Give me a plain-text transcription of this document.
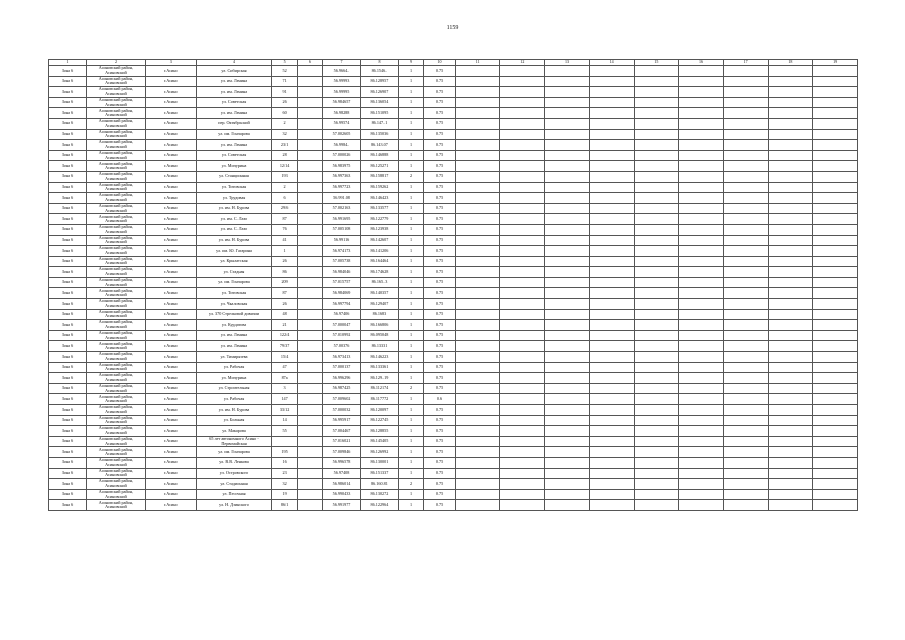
1159
1	2	3	4	5	6	7	8	9	10	11	12	13	14	15	16	17	18	19
Зона 6	Асиновский район, Асиновский	г.Асино	ул. Сибирская	52		56.9664..	86.1546..	1	0.75									
Зона 6	Асиновский район, Асиновский	г.Асино	ул. им. Ленина	71		56.99993	86.128957	1	0.75									
Зона 6	Асиновский район, Асиновский	г.Асино	ул. им. Ленина	91		56.99995	86.126907	1	0.75									
Зона 6	Асиновский район, Асиновский	г.Асино	ул. Советская	26		56.984657	86.136054	1	0.75									
Зона 6	Асиновский район, Асиновский	г.Асино	ул. им. Ленина	60		56.98288	86.151095	1	0.75									
Зона 6	Асиновский район, Асиновский	г.Асино	пер. Октябрьский	2		56.99574	86.147..1	1	0.75									
Зона 6	Асиновский район, Асиновский	г.Асино	ул. им. Гончарова	32		57.002605	86.135036	1	0.75									
Зона 6	Асиновский район, Асиновский	г.Асино	ул. им. Ленина	23/1		56.9984..	86.143.07	1	0.75									
Зона 6	Асиновский район, Асиновский	г.Асино	ул. Советская	28		57.000026	86.146888	1	0.75									
Зона 6	Асиновский район, Асиновский	г.Асино	ул. Мичурина	12/14		56.983975	86.125271	1	0.75									
Зона 6	Асиновский район, Асиновский	г.Асино	ул. Станционная	193		56.997363	86.158817	2	0.75									
Зона 6	Асиновский район, Асиновский	г.Асино	ул. Титовская	2		56.997723	86.159262	1	0.75									
Зона 6	Асиновский район, Асиновский	г.Асино	ул. Трудовая	6		56.991.08	86.146423	1	0.75									
Зона 6	Асиновский район, Асиновский	г.Асино	ул. им. Н. Бурова	29/6		57.002163	86.133577	1	0.75									
Зона 6	Асиновский район, Асиновский	г.Асино	ул. им. С. Лазо	87		56.991695	86.122779	1	0.75									
Зона 6	Асиновский район, Асиновский	г.Асино	ул. им. С. Лазо	76		57.005108	86.123938	1	0.75									
Зона 6	Асиновский район, Асиновский	г.Асино	ул. им. Н. Бурова	41		56.99116	86.142607	1	0.75									
Зона 6	Асиновский район, Асиновский	г.Асино	ул. им. Ю. Гагарина	1		56.974173	86.141206	1	0.75									
Зона 6	Асиновский район, Асиновский	г.Асино	ул. Крылатская	26		57.005738	86.164464	1	0.75									
Зона 6	Асиновский район, Асиновский	г.Асино	ул. Стадная	86		56.984046	86.174628	1	0.75									
Зона 6	Асиновский район, Асиновский	г.Асино	ул. им. Гончарова	209		57.015757	86.165..3	1	0.75									
Зона 6	Асиновский район, Асиновский	г.Асино	ул. Титовская	87		56.984069	86.140357	1	0.75									
Зона 6	Асиновский район, Асиновский	г.Асино	ул. Чкаловская	26		56.997794	86.129407	1	0.75									
Зона 6	Асиновский район, Асиновский	г.Асино	ул. 370 Стрелковой дивизии	48		56.97406	86.1683	1	0.75									
Зона 6	Асиновский район, Асиновский	г.Асино	ул. Курдатова	21		57.000047	86.166806	1	0.75									
Зона 6	Асиновский район, Асиновский	г.Асино	ул. им. Ленина	122/4		57.010992	86.095048	1	0.75									
Зона 6	Асиновский район, Асиновский	г.Асино	ул. им. Ленина	79/37		57.00376	86.13331	1	0.75									
Зона 6	Асиновский район, Асиновский	г.Асино	ул. Тимирязева	15/4		56.973413	86.146223	1	0.75									
Зона 6	Асиновский район, Асиновский	г.Асино	ул. Рабочая	47		57.000137	86.133361	1	0.75									
Зона 6	Асиновский район, Асиновский	г.Асино	ул. Мичурина	87а		56.996296	86.129..19	1	0.75									
Зона 6	Асиновский район, Асиновский	г.Асино	ул. Строительная	3		56.987425	86.112174	2	0.75									
Зона 6	Асиновский район, Асиновский	г.Асино	ул. Рабочая	147		57.009602	86.117772	1	0.6									
Зона 6	Асиновский район, Асиновский	г.Асино	ул. им. Н. Бурова	33/12		57.000032	86.120097	1	0.75									
Зона 6	Асиновский район, Асиновский	г.Асино	ул. Больная	14		56.995917	86.122745	1	0.75									
Зона 6	Асиновский район, Асиновский	г.Асино	ул. Макарова	55		57.004467	86.128855	1	0.75									
Зона 6	Асиновский район, Асиновский	г.Асино	65 лет автономного Асино - Первомайская			57.016021	86.145405	1	0.75									
Зона 6	Асиновский район, Асиновский	г.Асино	ул. им. Гончарова	195		57.009846	86.126992	1	0.75									
Зона 6	Асиновский район, Асиновский	г.Асино	ул. В.В. Ленкова	16		56.996578	86.130001	1	0.75									
Зона 6	Асиновский район, Асиновский	г.Асино	ул. Островского	23		56.97408	86.151337	1	0.75									
Зона 6	Асиновский район, Асиновский	г.Асино	ул. Стадионная	32		56.986014	86.160.81	2	0.75									
Зона 6	Асиновский район, Асиновский	г.Асино	ул. Песочная	19		56.990433	86.130272	1	0.75									
Зона 6	Асиновский район, Асиновский	г.Асино	ул. Н. Дзинского	86/1		56.991977	86.122964	1	0.75									
